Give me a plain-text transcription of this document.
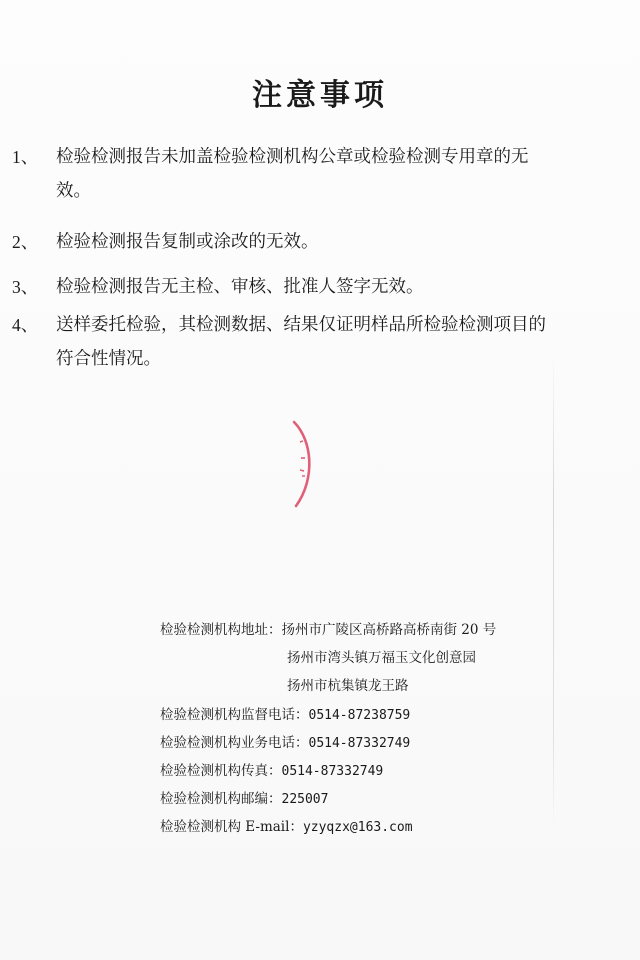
注意事项
1、	检验检测报告未加盖检验检测机构公章或检验检测专用章的无效。
2、	检验检测报告复制或涂改的无效。
3、	检验检测报告无主检、审核、批准人签字无效。
4、	送样委托检验，其检测数据、结果仅证明样品所检验检测项目的符合性情况。
检验检测机构地址：扬州市广陵区高桥路高桥南街 20 号
扬州市湾头镇万福玉文化创意园
扬州市杭集镇龙王路
检验检测机构监督电话：0514-87238759
检验检测机构业务电话：0514-87332749
检验检测机构传真：0514-87332749
检验检测机构邮编：225007
检验检测机构 E-mail：yzyqzx@163.com
